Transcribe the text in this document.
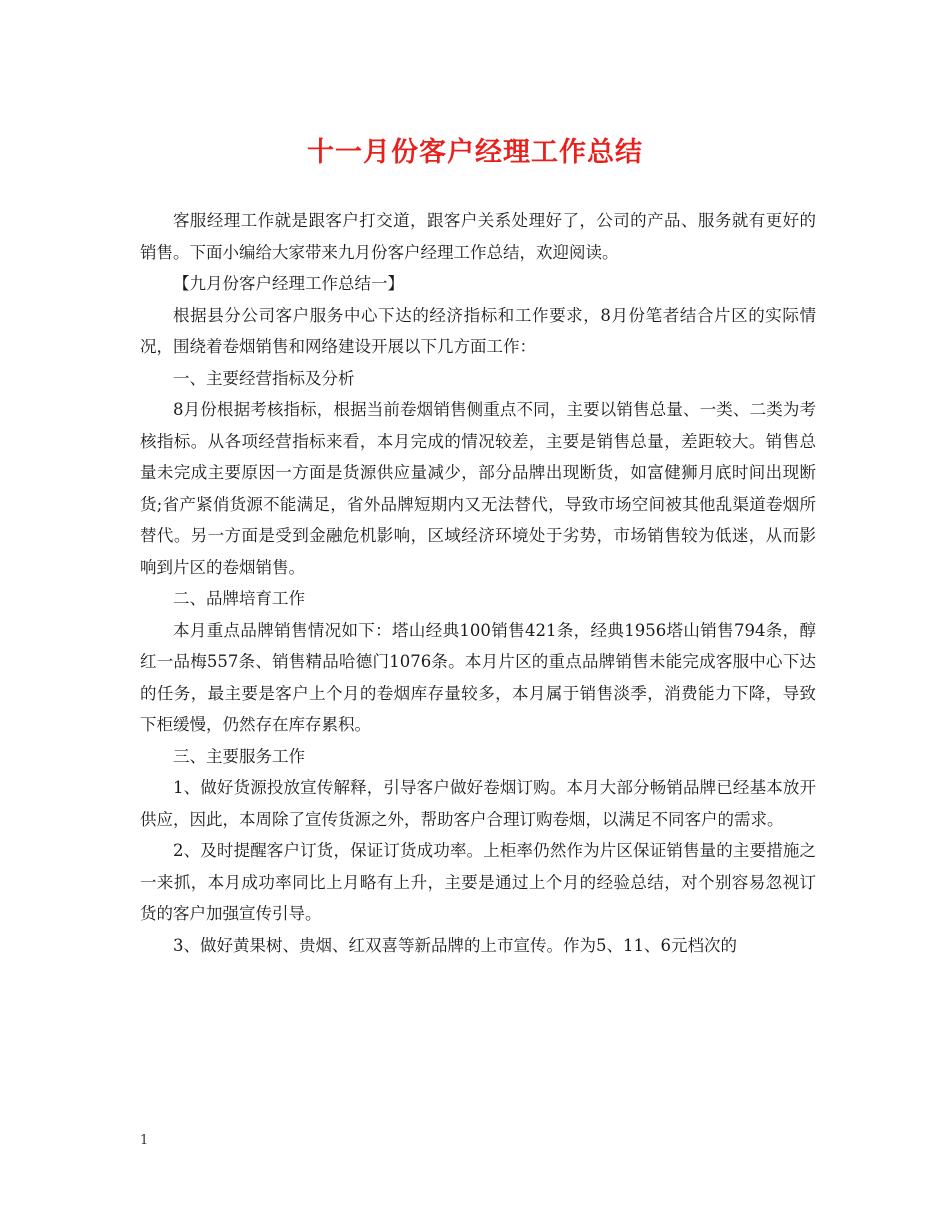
十一月份客户经理工作总结

客服经理工作就是跟客户打交道，跟客户关系处理好了，公司的产品、服务就有更好的销售。下面小编给大家带来九月份客户经理工作总结，欢迎阅读。

【九月份客户经理工作总结一】

根据县分公司客户服务中心下达的经济指标和工作要求，8月份笔者结合片区的实际情况，围绕着卷烟销售和网络建设开展以下几方面工作：

一、主要经营指标及分析

8月份根据考核指标，根据当前卷烟销售侧重点不同，主要以销售总量、一类、二类为考核指标。从各项经营指标来看，本月完成的情况较差，主要是销售总量，差距较大。销售总量未完成主要原因一方面是货源供应量减少，部分品牌出现断货，如富健狮月底时间出现断货;省产紧俏货源不能满足，省外品牌短期内又无法替代，导致市场空间被其他乱渠道卷烟所替代。另一方面是受到金融危机影响，区域经济环境处于劣势，市场销售较为低迷，从而影响到片区的卷烟销售。

二、品牌培育工作

本月重点品牌销售情况如下：塔山经典100销售421条，经典1956塔山销售794条，醇红一品梅557条、销售精品哈德门1076条。本月片区的重点品牌销售未能完成客服中心下达的任务，最主要是客户上个月的卷烟库存量较多，本月属于销售淡季，消费能力下降，导致下柜缓慢，仍然存在库存累积。

三、主要服务工作

1、做好货源投放宣传解释，引导客户做好卷烟订购。本月大部分畅销品牌已经基本放开供应，因此，本周除了宣传货源之外，帮助客户合理订购卷烟，以满足不同客户的需求。

2、及时提醒客户订货，保证订货成功率。上柜率仍然作为片区保证销售量的主要措施之一来抓，本月成功率同比上月略有上升，主要是通过上个月的经验总结，对个别容易忽视订货的客户加强宣传引导。

3、做好黄果树、贵烟、红双喜等新品牌的上市宣传。作为5、11、6元档次的

1
